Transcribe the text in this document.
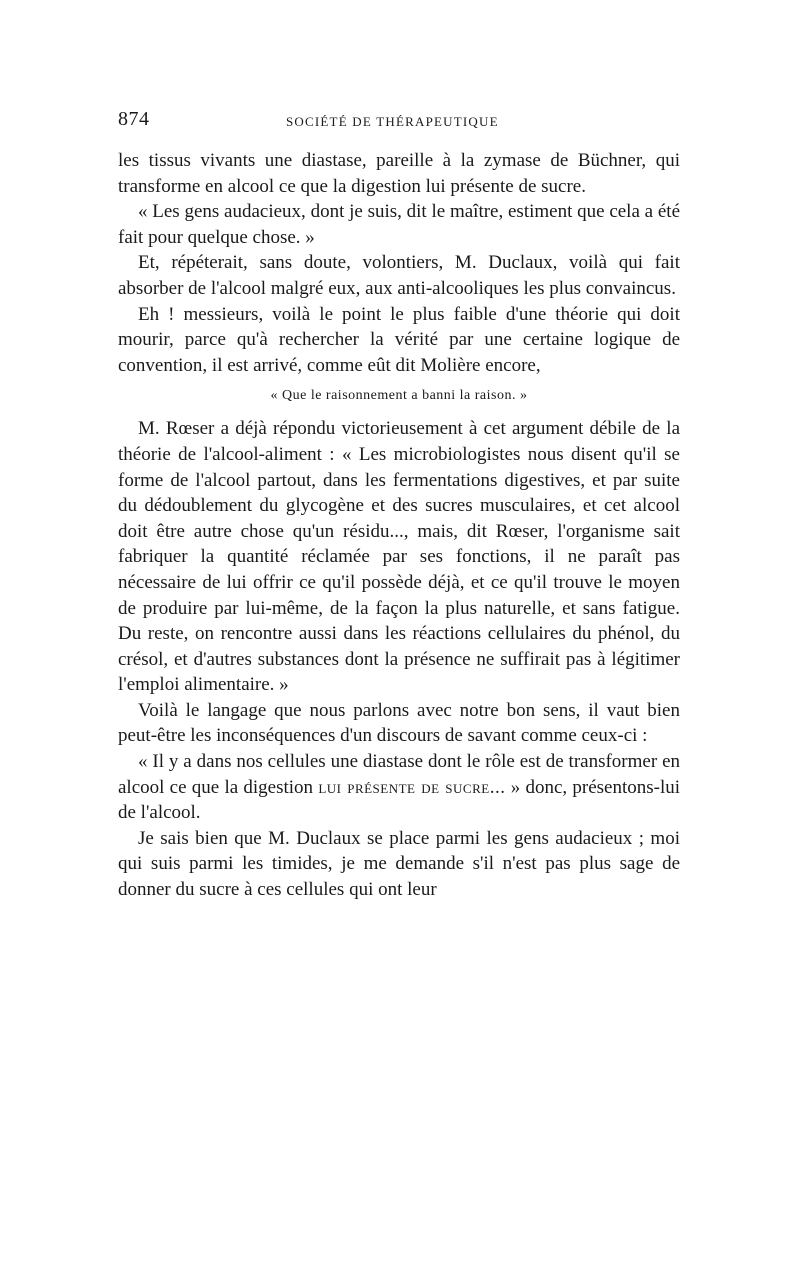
874	SOCIÉTÉ DE THÉRAPEUTIQUE

les tissus vivants une diastase, pareille à la zymase de Büchner, qui transforme en alcool ce que la digestion lui présente de sucre.

« Les gens audacieux, dont je suis, dit le maître, estiment que cela a été fait pour quelque chose. »

Et, répéterait, sans doute, volontiers, M. Duclaux, voilà qui fait absorber de l'alcool malgré eux, aux anti-alcooliques les plus convaincus.

Eh ! messieurs, voilà le point le plus faible d'une théorie qui doit mourir, parce qu'à rechercher la vérité par une certaine logique de convention, il est arrivé, comme eût dit Molière encore,

« Que le raisonnement a banni la raison. »

M. Rœser a déjà répondu victorieusement à cet argument débile de la théorie de l'alcool-aliment : « Les microbiologistes nous disent qu'il se forme de l'alcool partout, dans les fermentations digestives, et par suite du dédoublement du glycogène et des sucres musculaires, et cet alcool doit être autre chose qu'un résidu..., mais, dit Rœser, l'organisme sait fabriquer la quantité réclamée par ses fonctions, il ne paraît pas nécessaire de lui offrir ce qu'il possède déjà, et ce qu'il trouve le moyen de produire par lui-même, de la façon la plus naturelle, et sans fatigue. Du reste, on rencontre aussi dans les réactions cellulaires du phénol, du crésol, et d'autres substances dont la présence ne suffirait pas à légitimer l'emploi alimentaire. »

Voilà le langage que nous parlons avec notre bon sens, il vaut bien peut-être les inconséquences d'un discours de savant comme ceux-ci :

« Il y a dans nos cellules une diastase dont le rôle est de transformer en alcool ce que la digestion lui présente de sucre... » donc, présentons-lui de l'alcool.

Je sais bien que M. Duclaux se place parmi les gens audacieux ; moi qui suis parmi les timides, je me demande s'il n'est pas plus sage de donner du sucre à ces cellules qui ont leur
